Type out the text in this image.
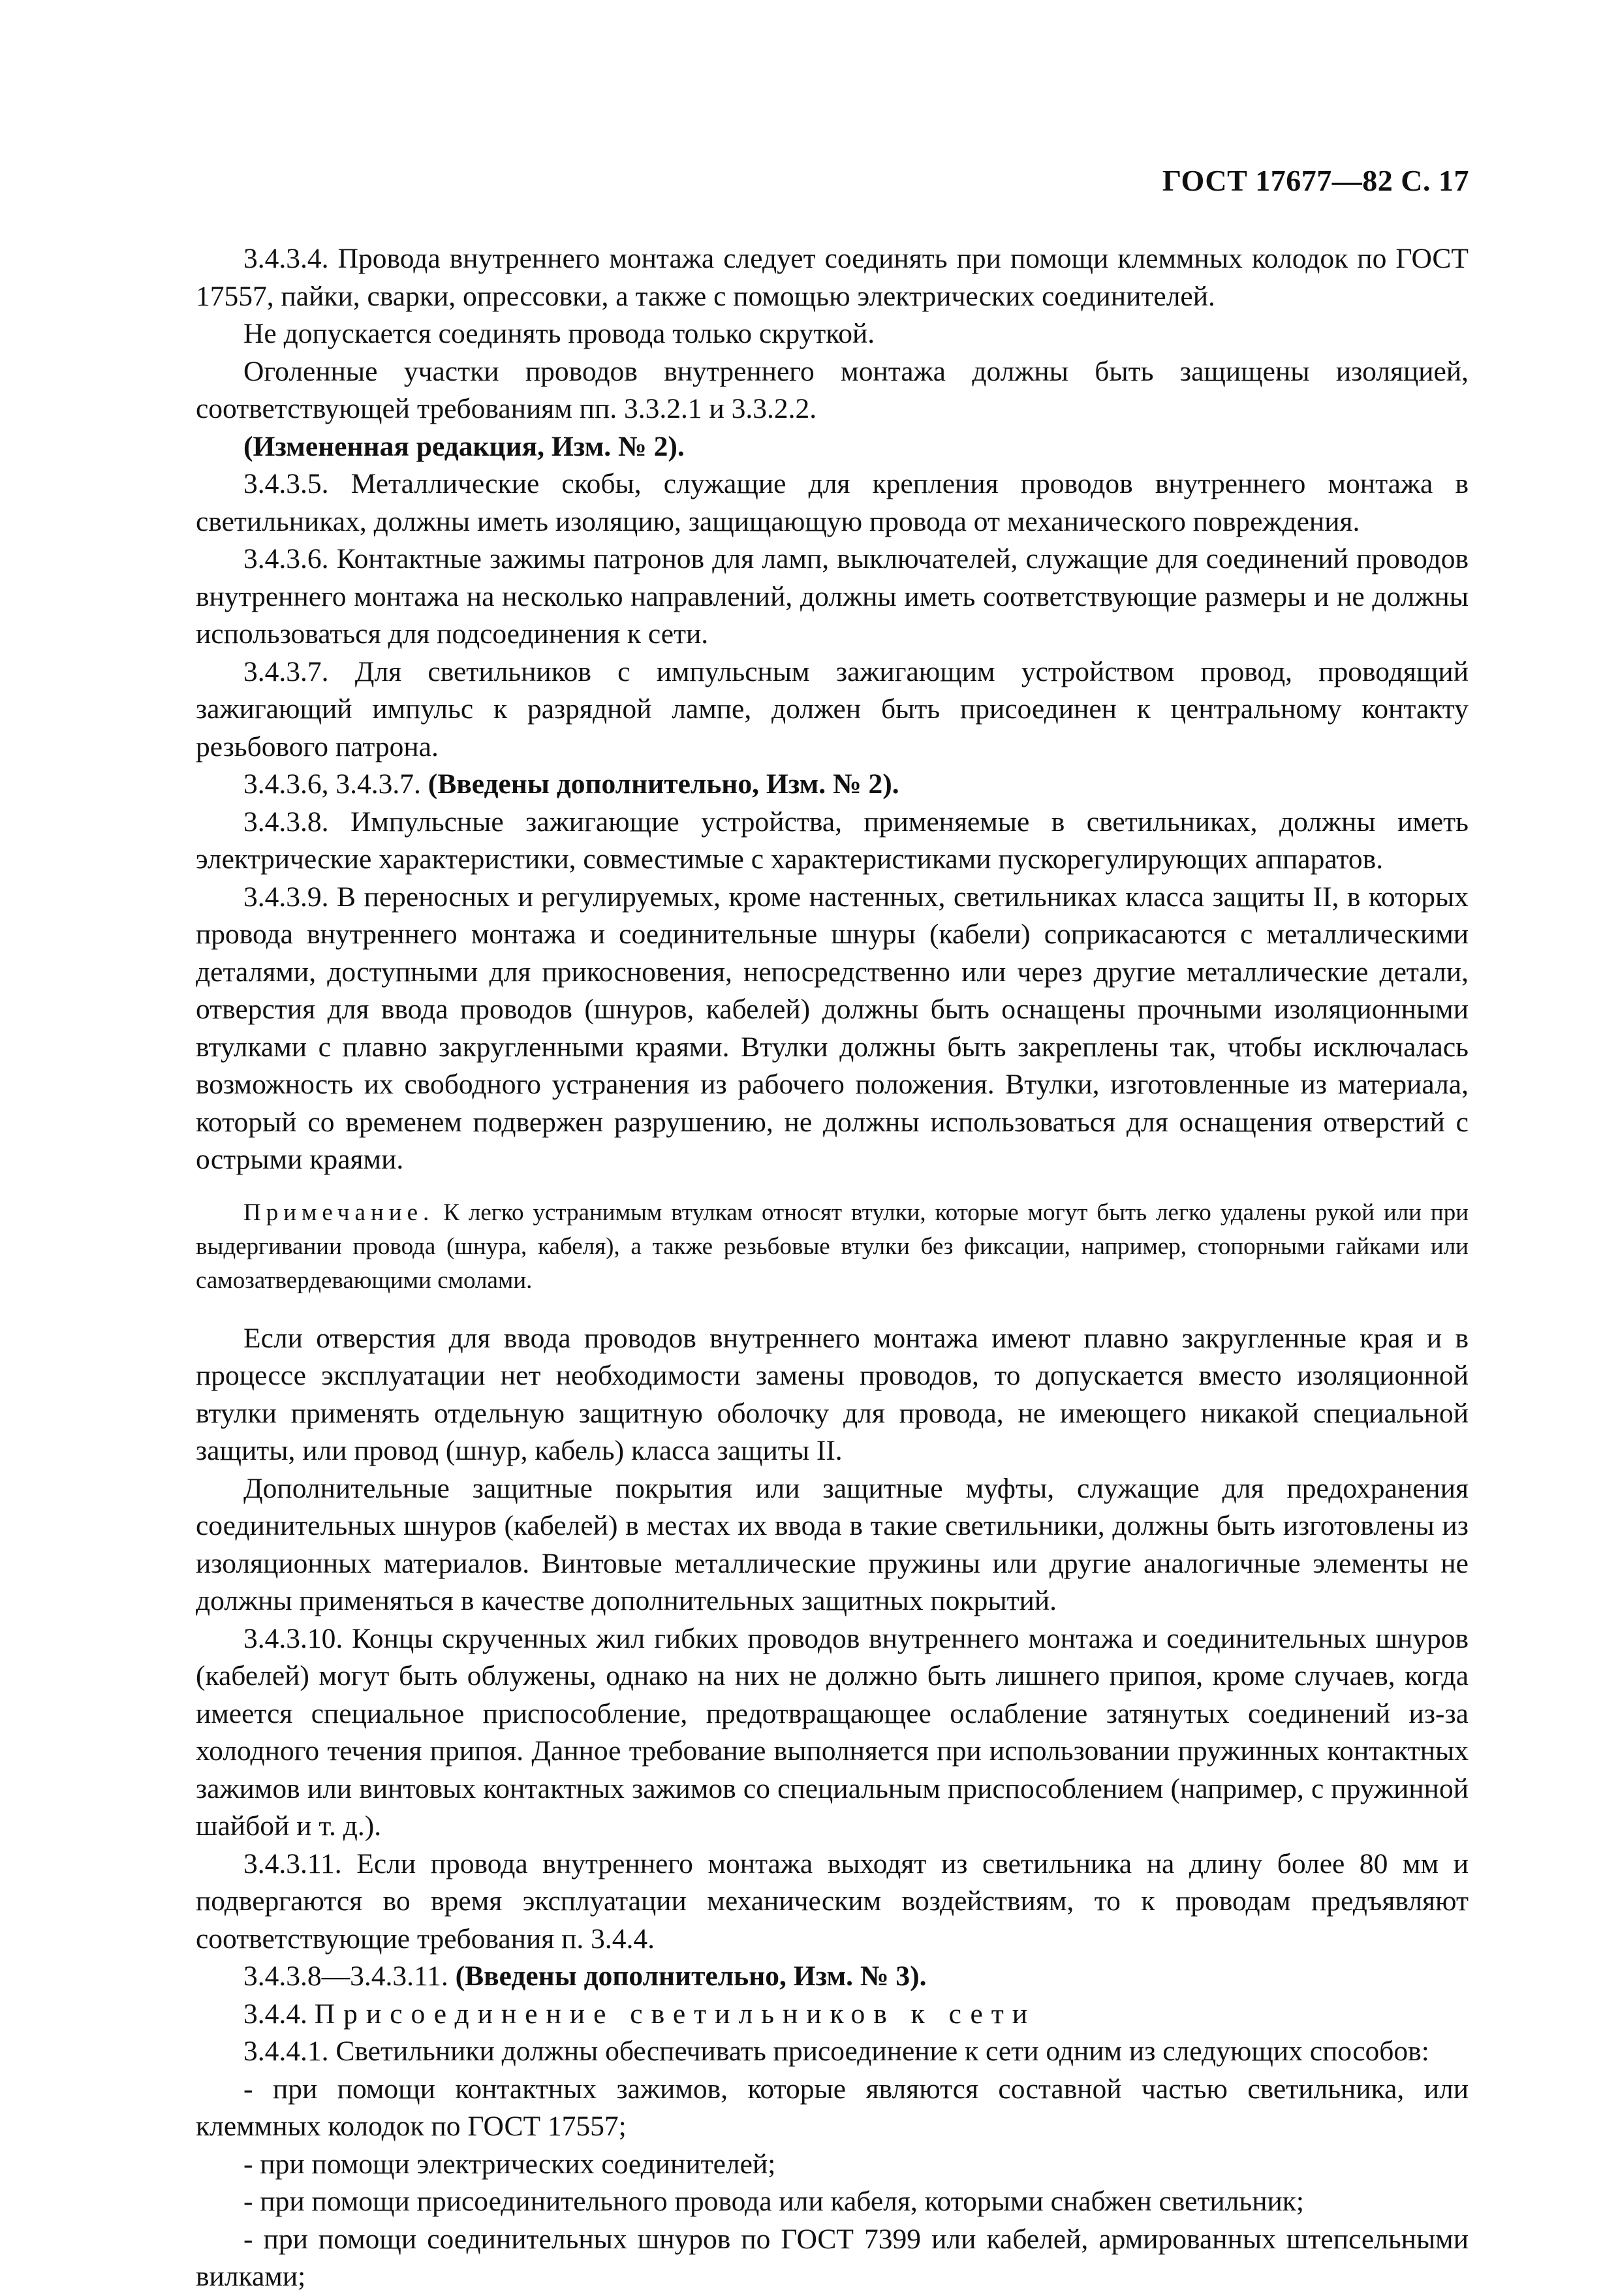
ГОСТ 17677—82 С. 17

3.4.3.4. Провода внутреннего монтажа следует соединять при помощи клеммных колодок по ГОСТ 17557, пайки, сварки, опрессовки, а также с помощью электрических соединителей.

Не допускается соединять провода только скруткой.

Оголенные участки проводов внутреннего монтажа должны быть защищены изоляцией, соответствующей требованиям пп. 3.3.2.1 и 3.3.2.2.

(Измененная редакция, Изм. № 2).

3.4.3.5. Металлические скобы, служащие для крепления проводов внутреннего монтажа в светильниках, должны иметь изоляцию, защищающую провода от механического повреждения.

3.4.3.6. Контактные зажимы патронов для ламп, выключателей, служащие для соединений проводов внутреннего монтажа на несколько направлений, должны иметь соответствующие размеры и не должны использоваться для подсоединения к сети.

3.4.3.7. Для светильников с импульсным зажигающим устройством провод, проводящий зажигающий импульс к разрядной лампе, должен быть присоединен к центральному контакту резьбового патрона.

3.4.3.6, 3.4.3.7. (Введены дополнительно, Изм. № 2).

3.4.3.8. Импульсные зажигающие устройства, применяемые в светильниках, должны иметь электрические характеристики, совместимые с характеристиками пускорегулирующих аппаратов.

3.4.3.9. В переносных и регулируемых, кроме настенных, светильниках класса защиты II, в которых провода внутреннего монтажа и соединительные шнуры (кабели) соприкасаются с металлическими деталями, доступными для прикосновения, непосредственно или через другие металлические детали, отверстия для ввода проводов (шнуров, кабелей) должны быть оснащены прочными изоляционными втулками с плавно закругленными краями. Втулки должны быть закреплены так, чтобы исключалась возможность их свободного устранения из рабочего положения. Втулки, изготовленные из материала, который со временем подвержен разрушению, не должны использоваться для оснащения отверстий с острыми краями.

Примечание. К легко устранимым втулкам относят втулки, которые могут быть легко удалены рукой или при выдергивании провода (шнура, кабеля), а также резьбовые втулки без фиксации, например, стопорными гайками или самозатвердевающими смолами.

Если отверстия для ввода проводов внутреннего монтажа имеют плавно закругленные края и в процессе эксплуатации нет необходимости замены проводов, то допускается вместо изоляционной втулки применять отдельную защитную оболочку для провода, не имеющего никакой специальной защиты, или провод (шнур, кабель) класса защиты II.

Дополнительные защитные покрытия или защитные муфты, служащие для предохранения соединительных шнуров (кабелей) в местах их ввода в такие светильники, должны быть изготовлены из изоляционных материалов. Винтовые металлические пружины или другие аналогичные элементы не должны применяться в качестве дополнительных защитных покрытий.

3.4.3.10. Концы скрученных жил гибких проводов внутреннего монтажа и соединительных шнуров (кабелей) могут быть облужены, однако на них не должно быть лишнего припоя, кроме случаев, когда имеется специальное приспособление, предотвращающее ослабление затянутых соединений из-за холодного течения припоя. Данное требование выполняется при использовании пружинных контактных зажимов или винтовых контактных зажимов со специальным приспособлением (например, с пружинной шайбой и т. д.).

3.4.3.11. Если провода внутреннего монтажа выходят из светильника на длину более 80 мм и подвергаются во время эксплуатации механическим воздействиям, то к проводам предъявляют соответствующие требования п. 3.4.4.

3.4.3.8—3.4.3.11. (Введены дополнительно, Изм. № 3).

3.4.4. Присоединение светильников к сети

3.4.4.1. Светильники должны обеспечивать присоединение к сети одним из следующих способов:

- при помощи контактных зажимов, которые являются составной частью светильника, или клеммных колодок по ГОСТ 17557;

- при помощи электрических соединителей;

- при помощи присоединительного провода или кабеля, которыми снабжен светильник;

- при помощи соединительных шнуров по ГОСТ 7399 или кабелей, армированных штепсельными вилками;
